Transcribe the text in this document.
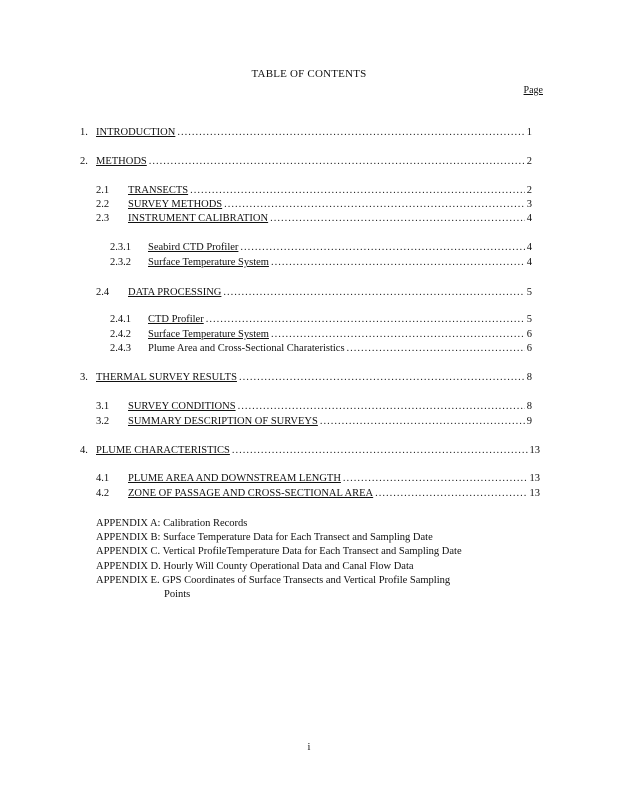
TABLE OF CONTENTS
Page
1. INTRODUCTION .....	1
2. METHODS .....	2
2.1	TRANSECTS .....	2
2.2	SURVEY METHODS .....	3
2.3	INSTRUMENT CALIBRATION .....	4
2.3.1	Seabird CTD Profiler .....	4
2.3.2	Surface Temperature System .....	4
2.4	DATA PROCESSING .....	5
2.4.1	CTD Profiler .....	5
2.4.2	Surface Temperature System .....	6
2.4.3	Plume Area and Cross-Sectional Charateristics .....	6
3. THERMAL SURVEY RESULTS .....	8
3.1	SURVEY CONDITIONS .....	8
3.2	SUMMARY DESCRIPTION OF SURVEYS .....	9
4. PLUME CHARACTERISTICS .....	13
4.1	PLUME AREA AND DOWNSTREAM LENGTH .....	13
4.2	ZONE OF PASSAGE AND CROSS-SECTIONAL AREA .....	13
APPENDIX A: Calibration Records
APPENDIX B: Surface Temperature Data for Each Transect and Sampling Date
APPENDIX C. Vertical ProfileTemperature Data for Each Transect and Sampling Date
APPENDIX D. Hourly Will County Operational Data and Canal Flow Data
APPENDIX E. GPS Coordinates of Surface Transects and Vertical Profile Sampling
Points
i
